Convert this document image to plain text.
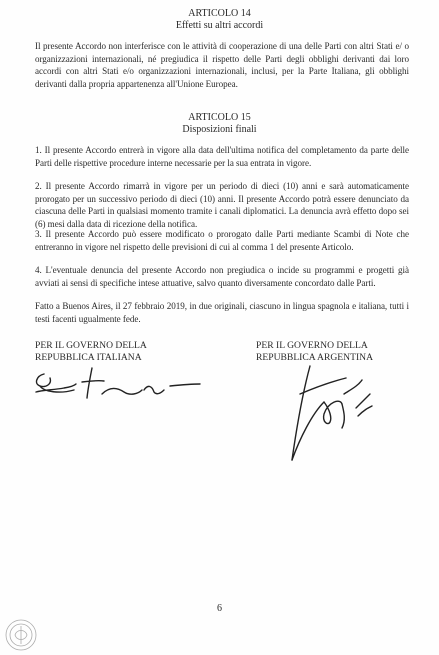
ARTICOLO 14
Effetti su altri accordi
Il presente Accordo non interferisce con le attività di cooperazione di una delle Parti con altri Stati e/ o organizzazioni internazionali, né pregiudica il rispetto delle Parti degli obblighi derivanti dai loro accordi con altri Stati e/o organizzazioni internazionali, inclusi, per la Parte Italiana, gli obblighi derivanti dalla propria appartenenza all'Unione Europea.
ARTICOLO 15
Disposizioni finali
1. Il presente Accordo entrerà in vigore alla data dell'ultima notifica del completamento da parte delle Parti delle rispettive procedure interne necessarie per la sua entrata in vigore.
2. Il presente Accordo rimarrà in vigore per un periodo di dieci (10) anni e sarà automaticamente prorogato per un successivo periodo di dieci (10) anni. Il presente Accordo potrà essere denunciato da ciascuna delle Parti in qualsiasi momento tramite i canali diplomatici. La denuncia avrà effetto dopo sei (6) mesi dalla data di ricezione della notifica.
3. Il presente Accordo può essere modificato o prorogato dalle Parti mediante Scambi di Note che entreranno in vigore nel rispetto delle previsioni di cui al comma 1 del presente Articolo.
4. L'eventuale denuncia del presente Accordo non pregiudica o incide su programmi e progetti già avviati ai sensi di specifiche intese attuative, salvo quanto diversamente concordato dalle Parti.
Fatto a Buenos Aires, il 27 febbraio 2019, in due originali, ciascuno in lingua spagnola e italiana, tutti i testi facenti ugualmente fede.
PER IL GOVERNO DELLA
REPUBBLICA ITALIANA
PER IL GOVERNO DELLA
REPUBBLICA ARGENTINA
6
